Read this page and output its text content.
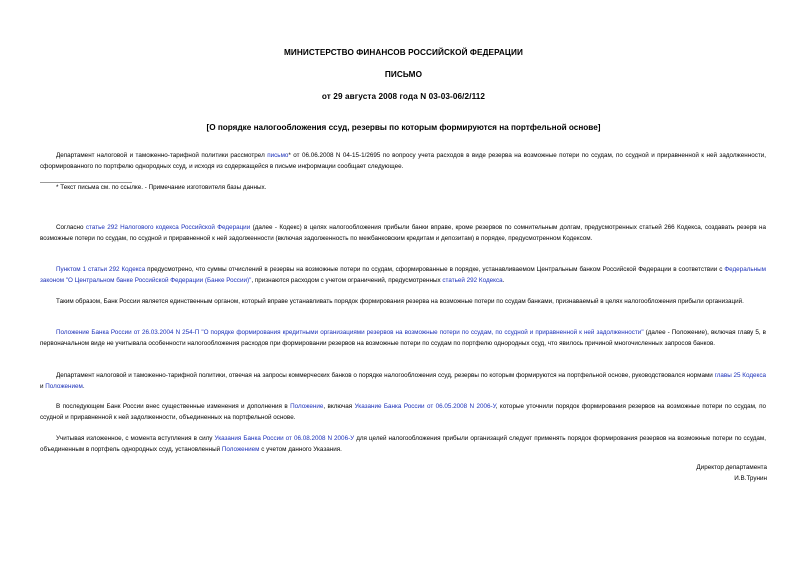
МИНИСТЕРСТВО ФИНАНСОВ РОССИЙСКОЙ ФЕДЕРАЦИИ
ПИСЬМО
от 29 августа 2008 года N 03-03-06/2/112
[О порядке налогообложения ссуд, резервы по которым формируются на портфельной основе]

Департамент налоговой и таможенно-тарифной политики рассмотрел письмо* от 06.06.2008 N 04-15-1/2695 по вопросу учета расходов в виде резерва на возможные потери по ссудам, по ссудной и приравненной к ней задолженности, сформированного по портфелю однородных ссуд, и исходя из содержащейся в письме информации сообщает следующее.

* Текст письма см. по ссылке. - Примечание изготовителя базы данных.

Согласно статье 292 Налогового кодекса Российской Федерации (далее - Кодекс) в целях налогообложения прибыли банки вправе, кроме резервов по сомнительным долгам, предусмотренных статьей 266 Кодекса, создавать резерв на возможные потери по ссудам, по ссудной и приравненной к ней задолженности (включая задолженность по межбанковским кредитам и депозитам) в порядке, предусмотренном Кодексом.

Пунктом 1 статьи 292 Кодекса предусмотрено, что суммы отчислений в резервы на возможные потери по ссудам, сформированные в порядке, устанавливаемом Центральным банком Российской Федерации в соответствии с Федеральным законом "О Центральном банке Российской Федерации (Банке России)", признаются расходом с учетом ограничений, предусмотренных статьей 292 Кодекса.

Таким образом, Банк России является единственным органом, который вправе устанавливать порядок формирования резерва на возможные потери по ссудам банками, признаваемый в целях налогообложения прибыли организаций.

Положение Банка России от 26.03.2004 N 254-П "О порядке формирования кредитными организациями резервов на возможные потери по ссудам, по ссудной и приравненной к ней задолженности" (далее - Положение), включая главу 5, в первоначальном виде не учитывала особенности налогообложения расходов при формировании резервов на возможные потери по ссудам по портфелю однородных ссуд, что явилось причиной многочисленных запросов банков.

Департамент налоговой и таможенно-тарифной политики, отвечая на запросы коммерческих банков о порядке налогообложения ссуд, резервы по которым формируются на портфельной основе, руководствовался нормами главы 25 Кодекса и Положением.

В последующем Банк России внес существенные изменения и дополнения в Положение, включая Указание Банка России от 06.05.2008 N 2006-У, которые уточнили порядок формирования резервов на возможные потери по ссудам, по ссудной и приравненной к ней задолженности, объединенных на портфельной основе.

Учитывая изложенное, с момента вступления в силу Указания Банка России от 06.08.2008 N 2006-У для целей налогообложения прибыли организаций следует применять порядок формирования резервов на возможные потери по ссудам, объединенным в портфель однородных ссуд, установленный Положением с учетом данного Указания.

Директор департамента
И.В.Трунин
